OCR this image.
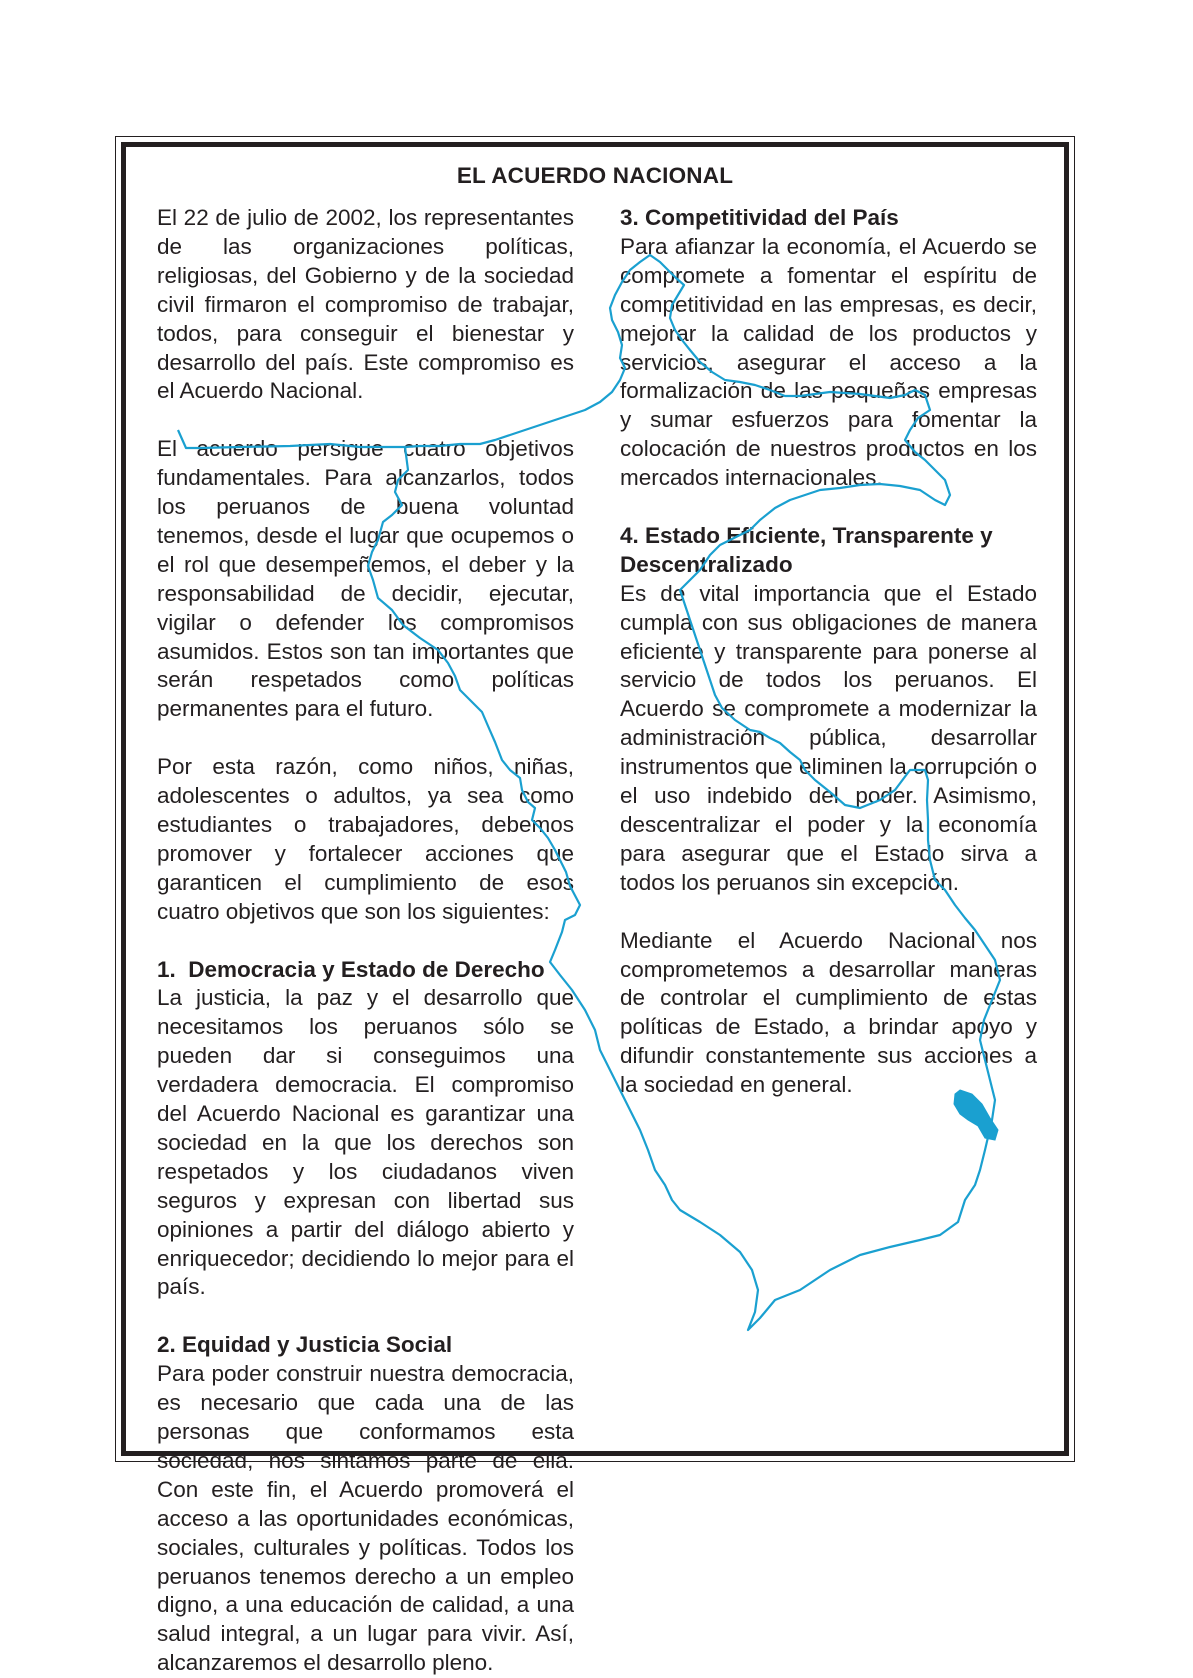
EL ACUERDO NACIONAL

El 22 de julio de 2002, los representantes de las organizaciones políticas, religiosas, del Gobierno y de la sociedad civil firmaron el compromiso de trabajar, todos, para conseguir el bienestar y desarrollo del país. Este compromiso es el Acuerdo Nacional.

El acuerdo persigue cuatro objetivos fundamentales. Para alcanzarlos, todos los peruanos de buena voluntad tenemos, desde el lugar que ocupemos o el rol que desempeñemos, el deber y la responsabilidad de decidir, ejecutar, vigilar o defender los compromisos asumidos. Estos son tan importantes que serán respetados como políticas permanentes para el futuro.

Por esta razón, como niños, niñas, adolescentes o adultos, ya sea como estudiantes o trabajadores, debemos promover y fortalecer acciones que garanticen el cumplimiento de esos cuatro objetivos que son los siguientes:

1.  Democracia y Estado de Derecho

La justicia, la paz y el desarrollo que necesitamos los peruanos sólo se pueden dar si conseguimos una verdadera democracia. El compromiso del Acuerdo Nacional es garantizar una sociedad en la que los derechos son respetados y los ciudadanos viven seguros y expresan con libertad sus opiniones a partir del diálogo abierto y enriquecedor; decidiendo lo mejor para el país.

2. Equidad y Justicia Social

Para poder construir nuestra democracia, es necesario que cada una de las personas que conformamos esta sociedad, nos sintamos parte de ella. Con este fin, el Acuerdo promoverá el acceso a las oportunidades económicas, sociales, culturales y políticas. Todos los peruanos tenemos derecho a un empleo digno, a una educación de calidad, a una salud integral, a un lugar para vivir. Así, alcanzaremos el desarrollo pleno.

3. Competitividad del País

Para afianzar la economía, el Acuerdo se compromete a fomentar el espíritu de competitividad en las empresas, es decir, mejorar la calidad de los productos y servicios, asegurar el acceso a la formalización de las pequeñas empresas y sumar esfuerzos para fomentar la colocación de nuestros productos en los mercados internacionales.

4. Estado Eficiente, Transparente y Descentralizado

Es de vital importancia que el Estado cumpla con sus obligaciones de manera eficiente y transparente para ponerse al servicio de todos los peruanos. El Acuerdo se compromete a modernizar la administración pública, desarrollar instrumentos que eliminen la corrupción o el uso indebido del poder. Asimismo, descentralizar el poder y la economía para asegurar que el Estado sirva a todos los peruanos sin excepción.

Mediante el Acuerdo Nacional nos comprometemos a desarrollar maneras de controlar el cumplimiento de estas políticas de Estado, a brindar apoyo y difundir constantemente sus acciones a la sociedad en general.
